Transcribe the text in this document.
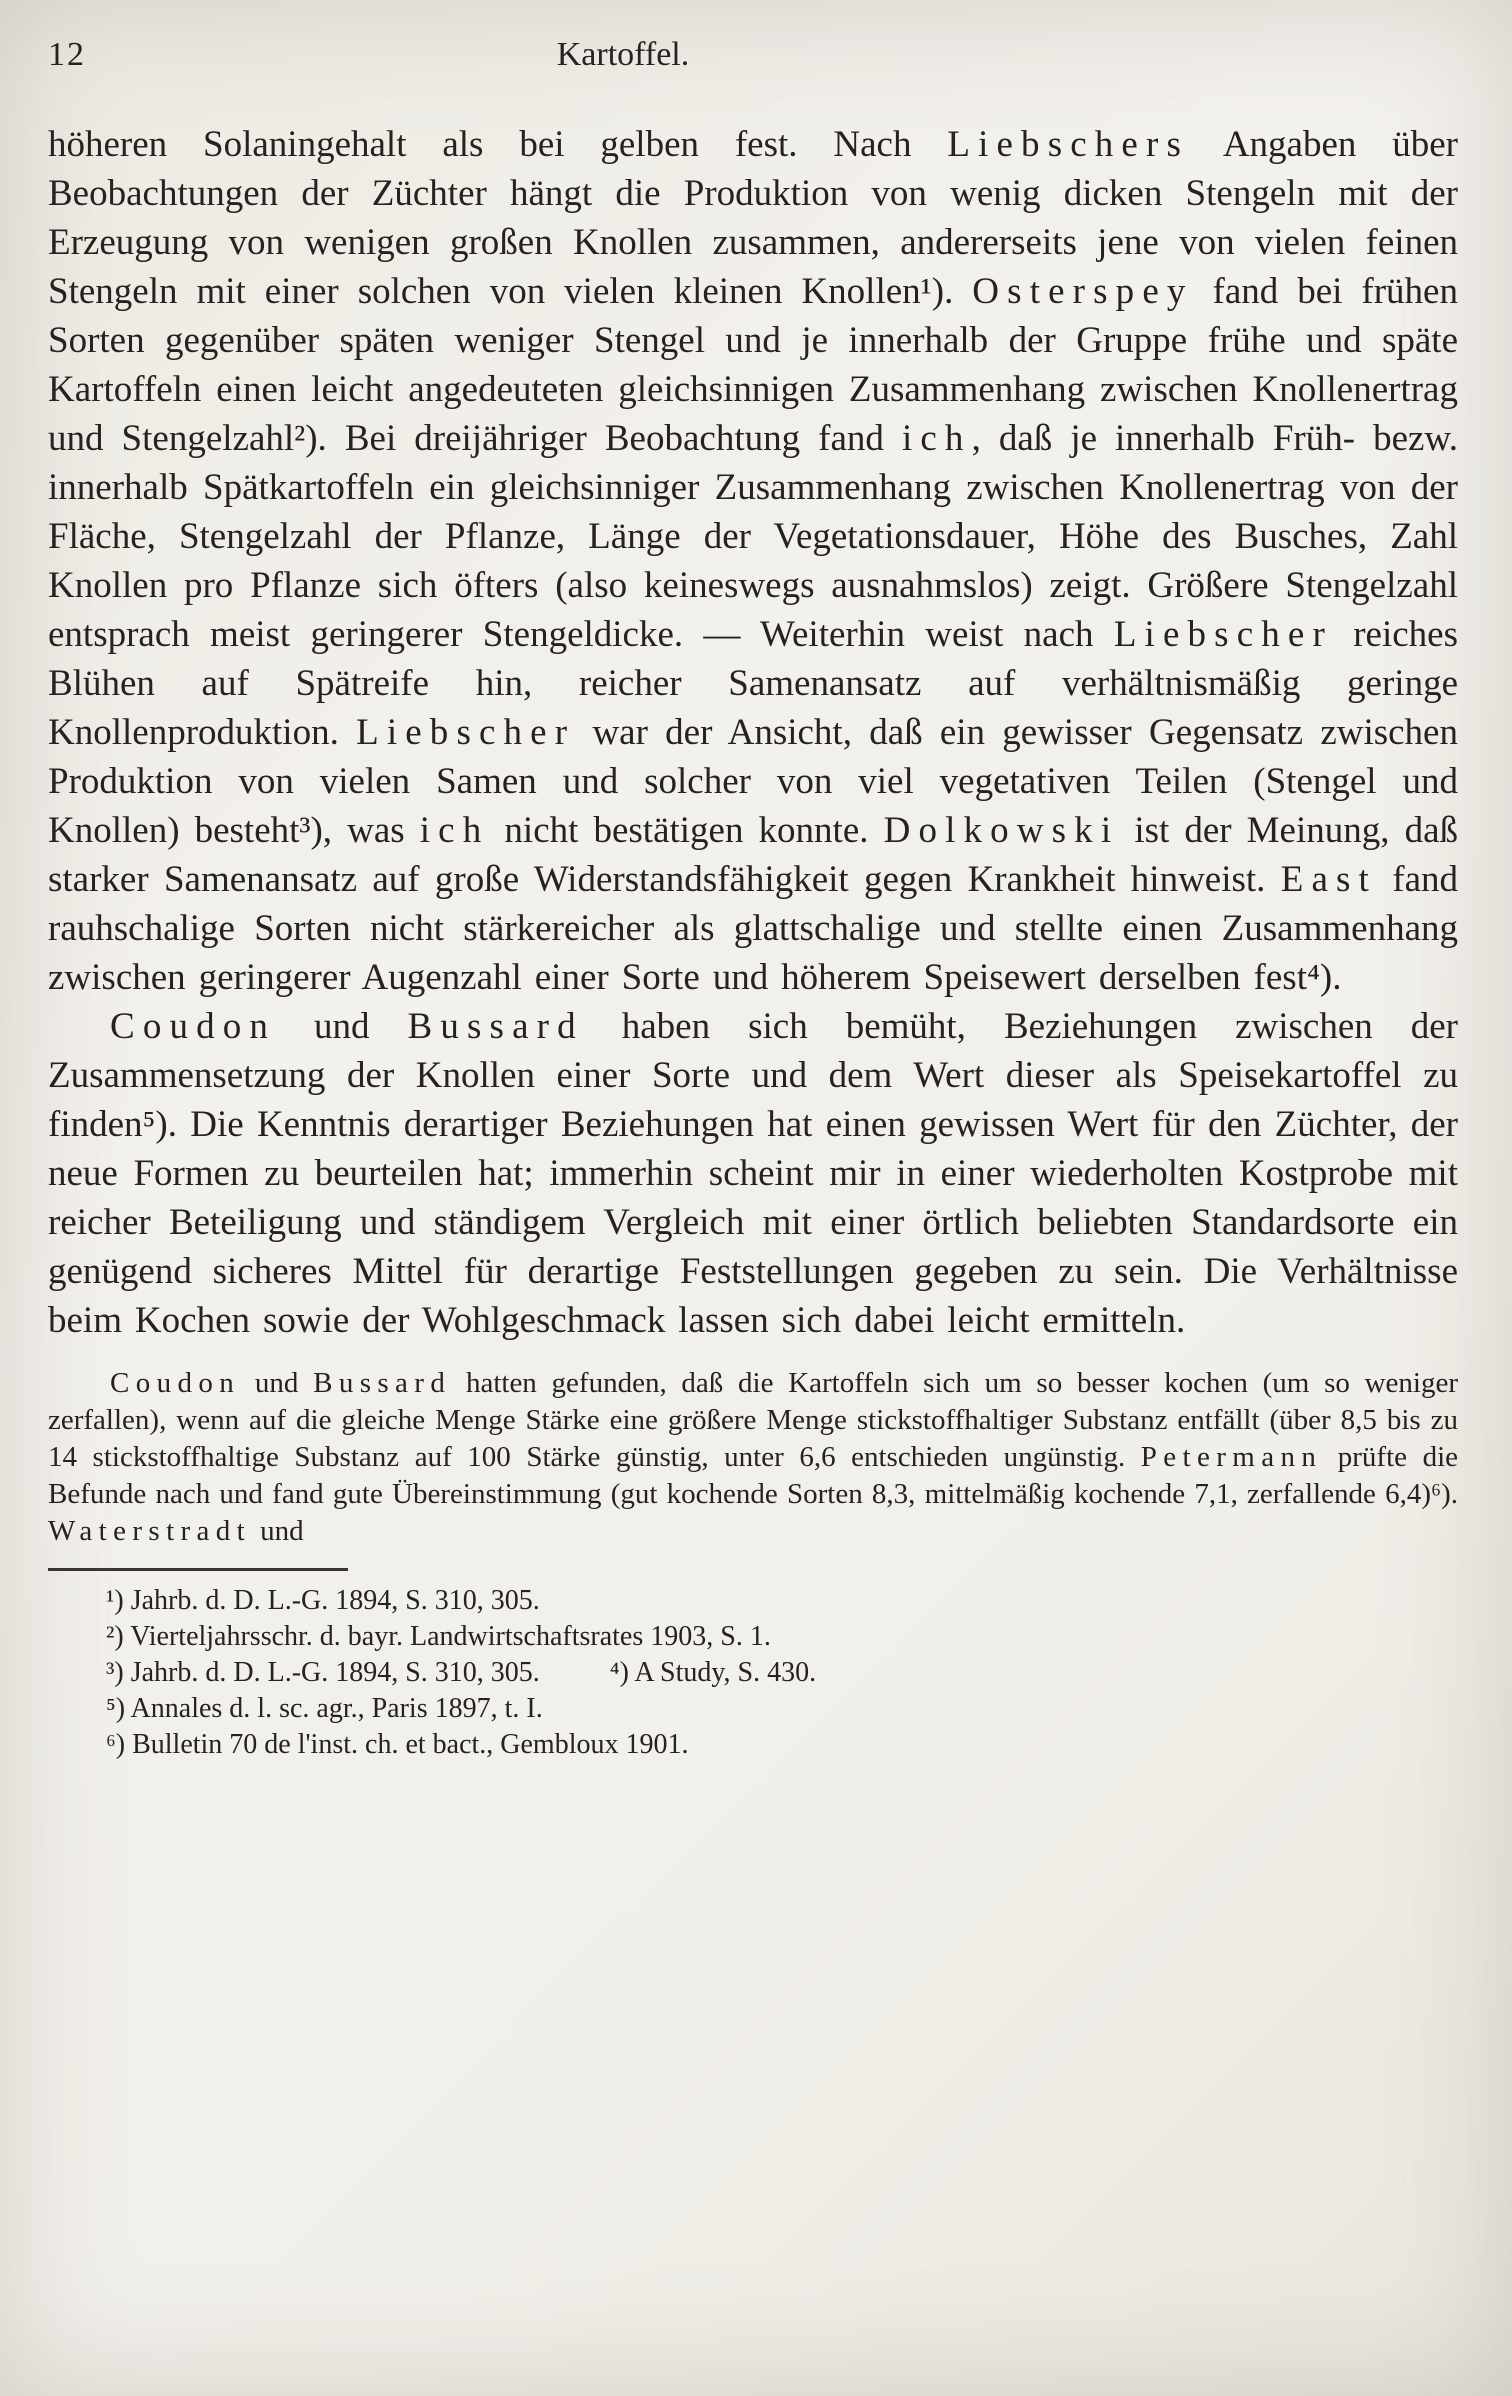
12	Kartoffel.

höheren Solaningehalt als bei gelben fest. Nach Liebschers Angaben über Beobachtungen der Züchter hängt die Produktion von wenig dicken Stengeln mit der Erzeugung von wenigen großen Knollen zusammen, andererseits jene von vielen feinen Stengeln mit einer solchen von vielen kleinen Knollen¹). Osterspey fand bei frühen Sorten gegenüber späten weniger Stengel und je innerhalb der Gruppe frühe und späte Kartoffeln einen leicht angedeuteten gleichsinnigen Zusammenhang zwischen Knollenertrag und Stengelzahl²). Bei dreijähriger Beobachtung fand ich, daß je innerhalb Früh- bezw. innerhalb Spätkartoffeln ein gleichsinniger Zusammenhang zwischen Knollenertrag von der Fläche, Stengelzahl der Pflanze, Länge der Vegetationsdauer, Höhe des Busches, Zahl Knollen pro Pflanze sich öfters (also keineswegs ausnahmslos) zeigt. Größere Stengelzahl entsprach meist geringerer Stengeldicke. — Weiterhin weist nach Liebscher reiches Blühen auf Spätreife hin, reicher Samenansatz auf verhältnismäßig geringe Knollenproduktion. Liebscher war der Ansicht, daß ein gewisser Gegensatz zwischen Produktion von vielen Samen und solcher von viel vegetativen Teilen (Stengel und Knollen) besteht³), was ich nicht bestätigen konnte. Dolkowski ist der Meinung, daß starker Samenansatz auf große Widerstandsfähigkeit gegen Krankheit hinweist. East fand rauhschalige Sorten nicht stärkereicher als glattschalige und stellte einen Zusammenhang zwischen geringerer Augenzahl einer Sorte und höherem Speisewert derselben fest⁴).

Coudon und Bussard haben sich bemüht, Beziehungen zwischen der Zusammensetzung der Knollen einer Sorte und dem Wert dieser als Speisekartoffel zu finden⁵). Die Kenntnis derartiger Beziehungen hat einen gewissen Wert für den Züchter, der neue Formen zu beurteilen hat; immerhin scheint mir in einer wiederholten Kostprobe mit reicher Beteiligung und ständigem Vergleich mit einer örtlich beliebten Standardsorte ein genügend sicheres Mittel für derartige Feststellungen gegeben zu sein. Die Verhältnisse beim Kochen sowie der Wohlgeschmack lassen sich dabei leicht ermitteln.

Coudon und Bussard hatten gefunden, daß die Kartoffeln sich um so besser kochen (um so weniger zerfallen), wenn auf die gleiche Menge Stärke eine größere Menge stickstoffhaltiger Substanz entfällt (über 8,5 bis zu 14 stickstoffhaltige Substanz auf 100 Stärke günstig, unter 6,6 entschieden ungünstig. Petermann prüfte die Befunde nach und fand gute Übereinstimmung (gut kochende Sorten 8,3, mittelmäßig kochende 7,1, zerfallende 6,4)⁶). Waterstradt und

¹) Jahrb. d. D. L.-G. 1894, S. 310, 305.

²) Vierteljahrsschr. d. bayr. Landwirtschaftsrates 1903, S. 1.

³) Jahrb. d. D. L.-G. 1894, S. 310, 305.          ⁴) A Study, S. 430.

⁵) Annales d. l. sc. agr., Paris 1897, t. I.

⁶) Bulletin 70 de l'inst. ch. et bact., Gembloux 1901.
